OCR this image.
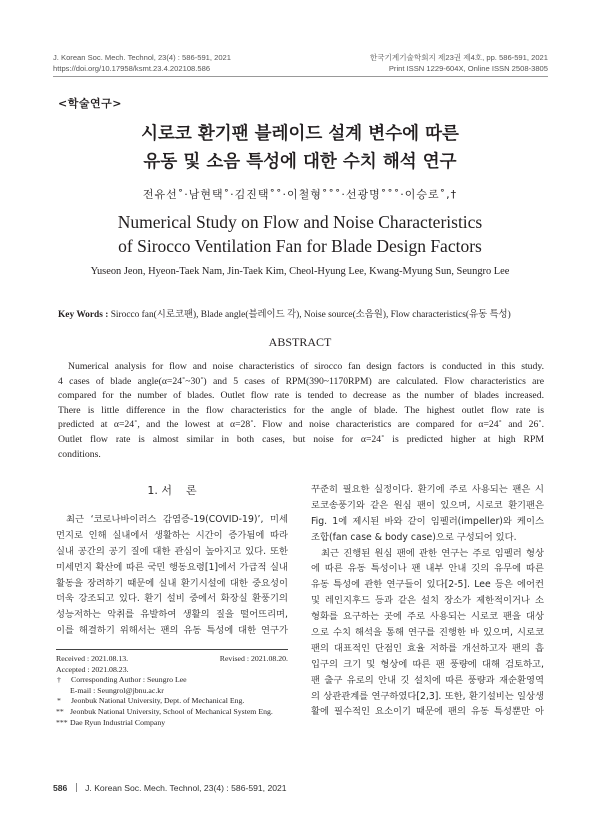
J. Korean Soc. Mech. Technol, 23(4) : 586-591, 2021
https://doi.org/10.17958/ksmt.23.4.202108.586
한국기계기술학회지 제23권 제4호, pp. 586-591, 2021
Print ISSN 1229-604X, Online ISSN 2508-3805
<학술연구>
시로코 환기팬 블레이드 설계 변수에 따른
유동 및 소음 특성에 대한 수치 해석 연구
전유선˚·남현택˚·김진택˚˚·이철형˚˚˚·선광명˚˚˚·이승로˚,†
Numerical Study on Flow and Noise Characteristics
of Sirocco Ventilation Fan for Blade Design Factors
Yuseon Jeon, Hyeon-Taek Nam, Jin-Taek Kim, Cheol-Hyung Lee, Kwang-Myung Sun, Seungro Lee
Key Words : Sirocco fan(시로코팬), Blade angle(블레이드 각), Noise source(소음원), Flow characteristics(유동 특성)
ABSTRACT
Numerical analysis for flow and noise characteristics of sirocco fan design factors is conducted in this study.
4 cases of blade angle(α=24˚~30˚) and 5 cases of RPM(390~1170RPM) are calculated. Flow characteristics are
compared for the number of blades. Outlet flow rate is tended to decrease as the number of blades increased.
There is little difference in the flow characteristics for the angle of blade. The highest outlet flow rate is
predicted at α=24˚, and the lowest at α=28˚. Flow and noise characteristics are compared for α=24˚ and 26˚.
Outlet flow rate is almost similar in both cases, but noise for α=24˚ is predicted higher at high RPM
conditions.
1. 서    론
최근 ‘코로나바이러스 감염증-19(COVID-19)’, 미세
먼지로 인해 실내에서 생활하는 시간이 증가됨에 따라
실내 공간의 공기 질에 대한 관심이 높아지고 있다. 또한
미세먼지 확산에 따른 국민 행동요령[1]에서 가급적 실내
활동을 장려하기 때문에 실내 환기시설에 대한 중요성이
더욱 강조되고 있다. 환기 설비 중에서 화장실 환풍기의
성능저하는 악취를 유발하여 생활의 질을 떨어뜨리며,
이를 해결하기 위해서는 팬의 유동 특성에 대한 연구가
Received : 2021.08.13.	Revised : 2021.08.20.
Accepted : 2021.08.23.
†	Corresponding Author : Seungro Lee
E-mail : Seungrol@jbnu.ac.kr
*	Jeonbuk National University, Dept. of Mechanical Eng.
** Jeonbuk National University, School of Mechanical System Eng.
*** Dae Ryun Industrial Company
꾸준히 필요한 실정이다. 환기에 주로 사용되는 팬은 시
로코송풍기와 같은 원심 팬이 있으며, 시로코 환기팬은
Fig. 1에 제시된 바와 같이 임펠러(impeller)와 케이스
조합(fan case & body case)으로 구성되어 있다.
최근 진행된 원심 팬에 관한 연구는 주로 임펠러 형상
에 따른 유동 특성이나 팬 내부 안내 깃의 유무에 따른
유동 특성에 관한 연구들이 있다[2-5]. Lee 등은 에어컨
및 레인지후드 등과 같은 설치 장소가 제한적이거나 소
형화를 요구하는 곳에 주로 사용되는 시로코 팬을 대상
으로 수치 해석을 통해 연구를 진행한 바 있으며, 시로코
팬의 대표적인 단점인 효율 저하를 개선하고자 팬의 흡
입구의 크기 및 형상에 따른 팬 풍량에 대해 검토하고,
팬 출구 유로의 안내 깃 설치에 따른 풍량과 재순환영역
의 상관관계를 연구하였다[2,3]. 또한, 환기설비는 일상생
활에 필수적인 요소이기 때문에 팬의 유동 특성뿐만 아
586 J. Korean Soc. Mech. Technol, 23(4) : 586-591, 2021
